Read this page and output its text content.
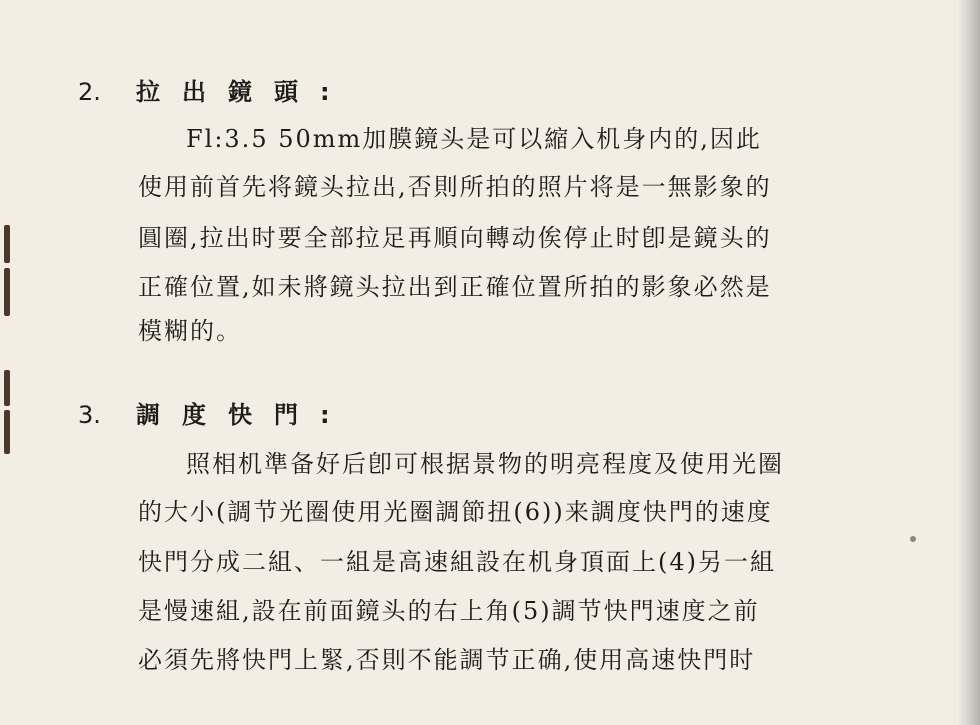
2. 拉出鏡頭:
Fl:3.5 50mm加膜鏡头是可以縮入机身内的,因此
使用前首先将鏡头拉出,否則所拍的照片将是一無影象的
圓圈,拉出时要全部拉足再順向轉动俟停止时卽是鏡头的
正確位置,如未將鏡头拉出到正確位置所拍的影象必然是
模糊的。
3. 調度快門:
照相机準备好后卽可根据景物的明亮程度及使用光圈
的大小(調节光圈使用光圈調節扭(6))来調度快門的速度
快門分成二組、一組是高速組設在机身頂面上(4)另一組
是慢速組,設在前面鏡头的右上角(5)調节快門速度之前
必須先將快門上緊,否則不能調节正确,使用高速快門时
